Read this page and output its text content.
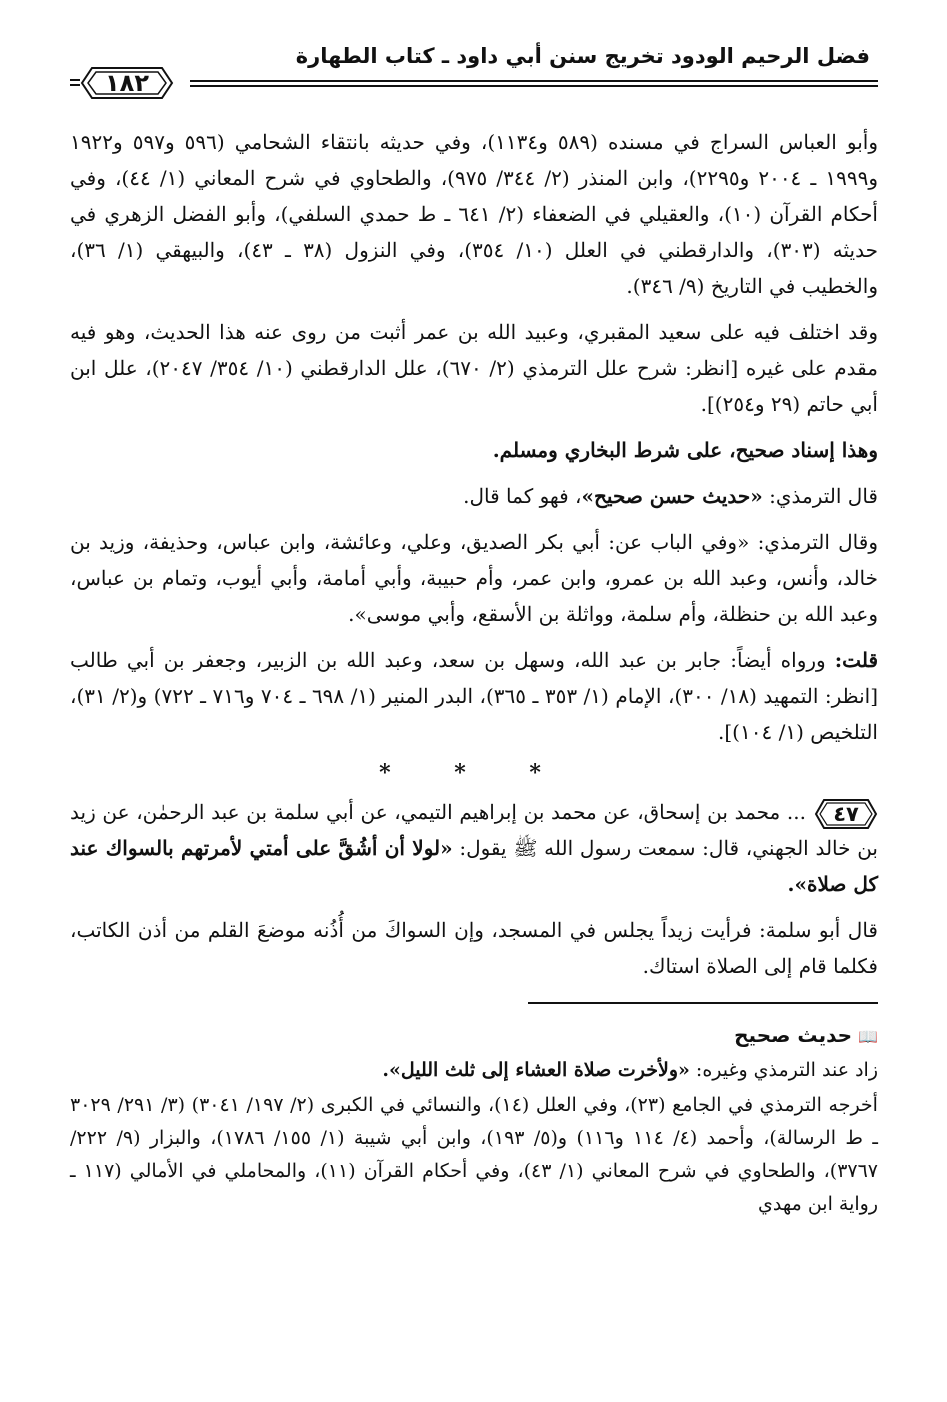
فضل الرحيم الودود تخريج سنن أبي داود ـ كتاب الطهارة
١٨٢

وأبو العباس السراج في مسنده (٥٨٩ و١١٣٤)، وفي حديثه بانتقاء الشحامي (٥٩٦ و٥٩٧ و١٩٢٢ و١٩٩٩ ـ ٢٠٠٤ و٢٢٩٥)، وابن المنذر (٢/ ٣٤٤/ ٩٧٥)، والطحاوي في شرح المعاني (١/ ٤٤)، وفي أحكام القرآن (١٠)، والعقيلي في الضعفاء (٢/ ٦٤١ ـ ط حمدي السلفي)، وأبو الفضل الزهري في حديثه (٣٠٣)، والدارقطني في العلل (١٠/ ٣٥٤)، وفي النزول (٣٨ ـ ٤٣)، والبيهقي (١/ ٣٦)، والخطيب في التاريخ (٩/ ٣٤٦).

وقد اختلف فيه على سعيد المقبري، وعبيد الله بن عمر أثبت من روى عنه هذا الحديث، وهو فيه مقدم على غيره [انظر: شرح علل الترمذي (٢/ ٦٧٠)، علل الدارقطني (١٠/ ٣٥٤/ ٢٠٤٧)، علل ابن أبي حاتم (٢٩ و٢٥٤)].

وهذا إسناد صحيح، على شرط البخاري ومسلم.

قال الترمذي: «حديث حسن صحيح»، فهو كما قال.

وقال الترمذي: «وفي الباب عن: أبي بكر الصديق، وعلي، وعائشة، وابن عباس، وحذيفة، وزيد بن خالد، وأنس، وعبد الله بن عمرو، وابن عمر، وأم حبيبة، وأبي أمامة، وأبي أيوب، وتمام بن عباس، وعبد الله بن حنظلة، وأم سلمة، وواثلة بن الأسقع، وأبي موسى».

قلت: ورواه أيضاً: جابر بن عبد الله، وسهل بن سعد، وعبد الله بن الزبير، وجعفر بن أبي طالب [انظر: التمهيد (١٨/ ٣٠٠)، الإمام (١/ ٣٥٣ ـ ٣٦٥)، البدر المنير (١/ ٦٩٨ ـ ٧٠٤ و٧١٦ ـ ٧٢٢) و(٢/ ٣١)، التلخيص (١/ ١٠٤)].

* * *

٤٧
... محمد بن إسحاق، عن محمد بن إبراهيم التيمي، عن أبي سلمة بن عبد الرحمٰن، عن زيد بن خالد الجهني، قال: سمعت رسول الله ﷺ يقول: «لولا أن أشُقَّ على أمتي لأمرتهم بالسواك عند كل صلاة».

قال أبو سلمة: فرأيت زيداً يجلس في المسجد، وإن السواكَ من أُذُنه موضعَ القلم من أذن الكاتب، فكلما قام إلى الصلاة استاك.

📖حديث صحيح

زاد عند الترمذي وغيره: «ولأخرت صلاة العشاء إلى ثلث الليل».

أخرجه الترمذي في الجامع (٢٣)، وفي العلل (١٤)، والنسائي في الكبرى (٢/ ١٩٧/ ٣٠٤١) (٣/ ٢٩١/ ٣٠٢٩ ـ ط الرسالة)، وأحمد (٤/ ١١٤ و١١٦) و(٥/ ١٩٣)، وابن أبي شيبة (١/ ١٥٥/ ١٧٨٦)، والبزار (٩/ ٢٢٢/ ٣٧٦٧)، والطحاوي في شرح المعاني (١/ ٤٣)، وفي أحكام القرآن (١١)، والمحاملي في الأمالي (١١٧ ـ رواية ابن مهدي
